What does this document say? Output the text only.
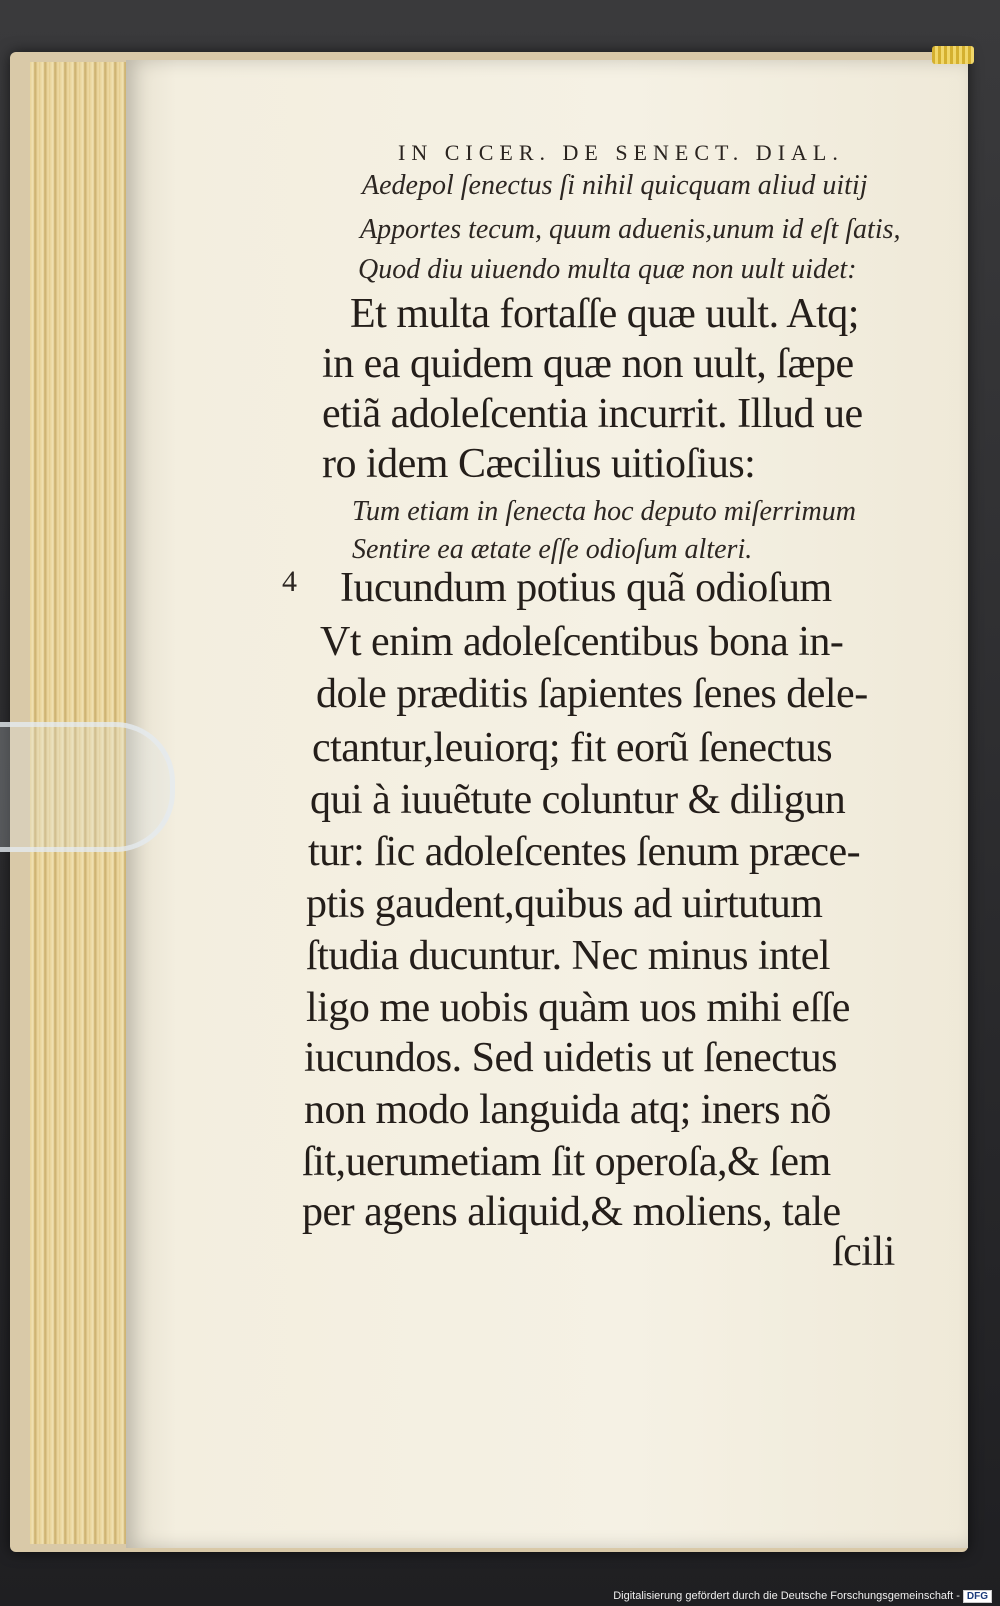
IN CICER. DE SENECT. DIAL.
Aedepol ſenectus ſi nihil quicquam aliud uitij
Apportes tecum, quum aduenis,unum id eſt ſatis,
Quod diu uiuendo multa quæ non uult uidet:
Et multa fortaſſe quæ uult. Atq;
in ea quidem quæ non uult, ſæpe
etiã adoleſcentia incurrit. Illud ue
ro idem Cæcilius uitioſius:
Tum etiam in ſenecta hoc deputo miſerrimum
Sentire ea ætate eſſe odioſum alteri.
4 Iucundum potius quã odioſum
Vt enim adoleſcentibus bona in-
dole præditis ſapientes ſenes dele-
ctantur,leuiorq; fit eorũ ſenectus
qui à iuuẽtute coluntur & diligun
tur: ſic adoleſcentes ſenum præce-
ptis gaudent,quibus ad uirtutum
ſtudia ducuntur. Nec minus intel
ligo me uobis quàm uos mihi eſſe
iucundos. Sed uidetis ut ſenectus
non modo languida atq; iners nõ
ſit,uerumetiam ſit operoſa,& ſem
per agens aliquid,& moliens, tale
ſcili
Digitalisierung gefördert durch die Deutsche Forschungsgemeinschaft - DFG
